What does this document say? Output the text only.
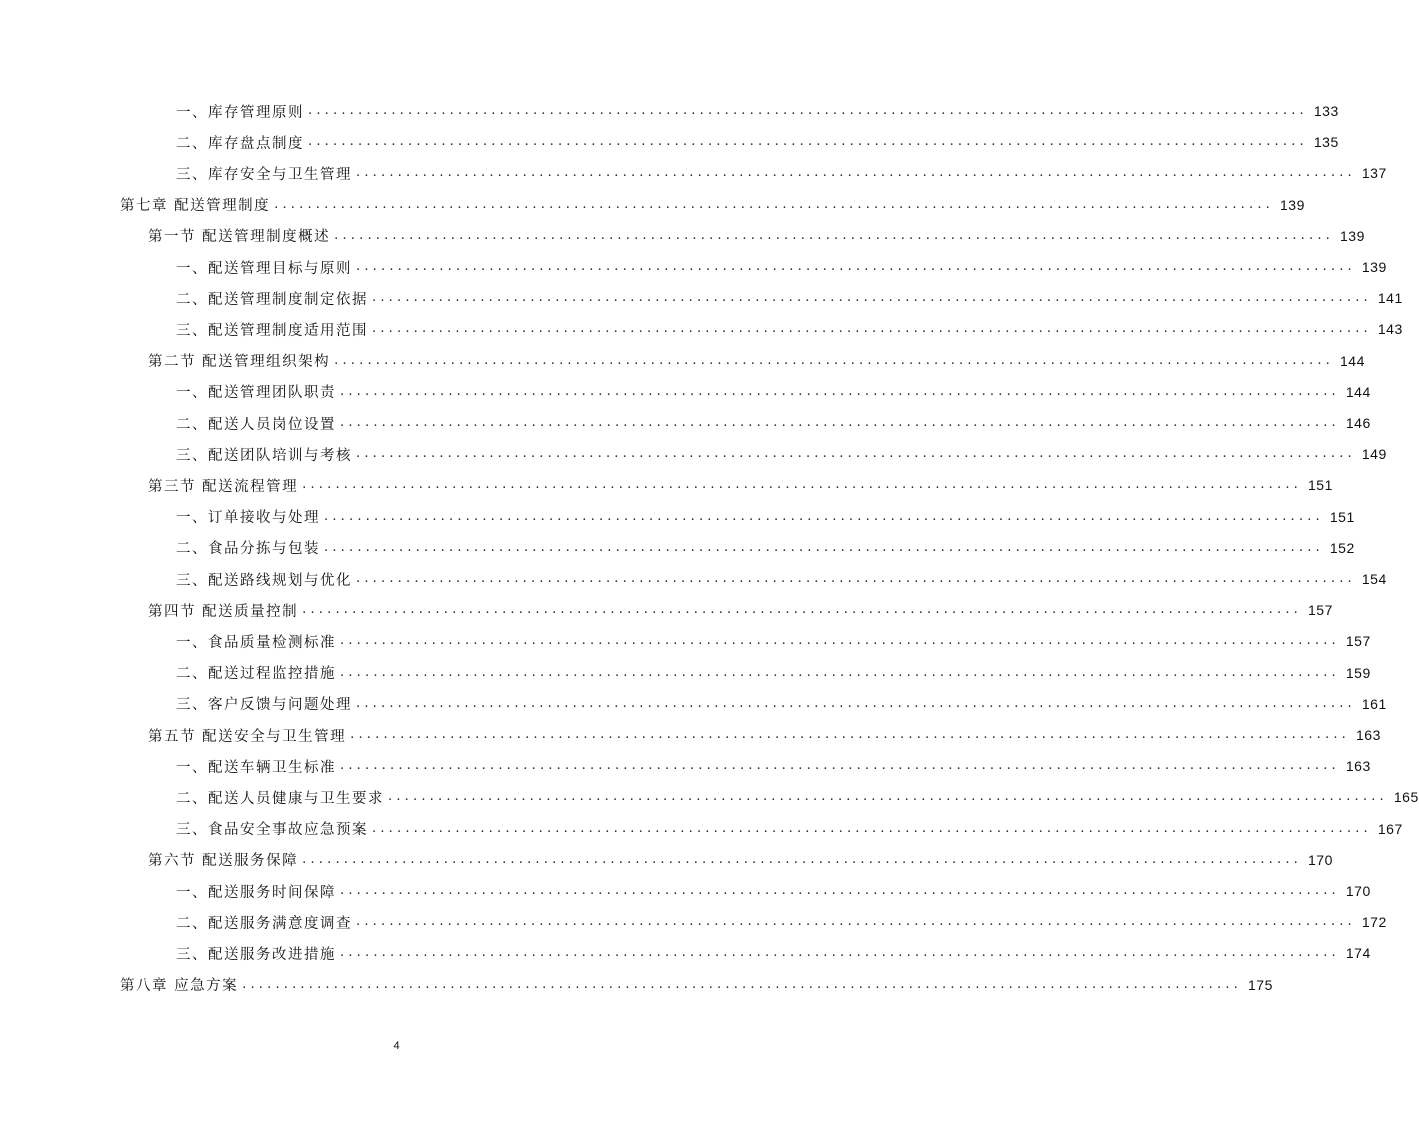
一、库存管理原则 ........................................................................................................................ 133
二、库存盘点制度 ........................................................................................................................ 135
三、库存安全与卫生管理 ........................................................................................................................ 137
第七章 配送管理制度 ........................................................................................................................ 139
第一节 配送管理制度概述 ........................................................................................................................ 139
一、配送管理目标与原则 ........................................................................................................................ 139
二、配送管理制度制定依据 ........................................................................................................................ 141
三、配送管理制度适用范围 ........................................................................................................................ 143
第二节 配送管理组织架构 ........................................................................................................................ 144
一、配送管理团队职责 ........................................................................................................................ 144
二、配送人员岗位设置 ........................................................................................................................ 146
三、配送团队培训与考核 ........................................................................................................................ 149
第三节 配送流程管理 ........................................................................................................................ 151
一、订单接收与处理 ........................................................................................................................ 151
二、食品分拣与包装 ........................................................................................................................ 152
三、配送路线规划与优化 ........................................................................................................................ 154
第四节 配送质量控制 ........................................................................................................................ 157
一、食品质量检测标准 ........................................................................................................................ 157
二、配送过程监控措施 ........................................................................................................................ 159
三、客户反馈与问题处理 ........................................................................................................................ 161
第五节 配送安全与卫生管理 ........................................................................................................................ 163
一、配送车辆卫生标准 ........................................................................................................................ 163
二、配送人员健康与卫生要求 ........................................................................................................................ 165
三、食品安全事故应急预案 ........................................................................................................................ 167
第六节 配送服务保障 ........................................................................................................................ 170
一、配送服务时间保障 ........................................................................................................................ 170
二、配送服务满意度调查 ........................................................................................................................ 172
三、配送服务改进措施 ........................................................................................................................ 174
第八章 应急方案 ........................................................................................................................ 175
4
